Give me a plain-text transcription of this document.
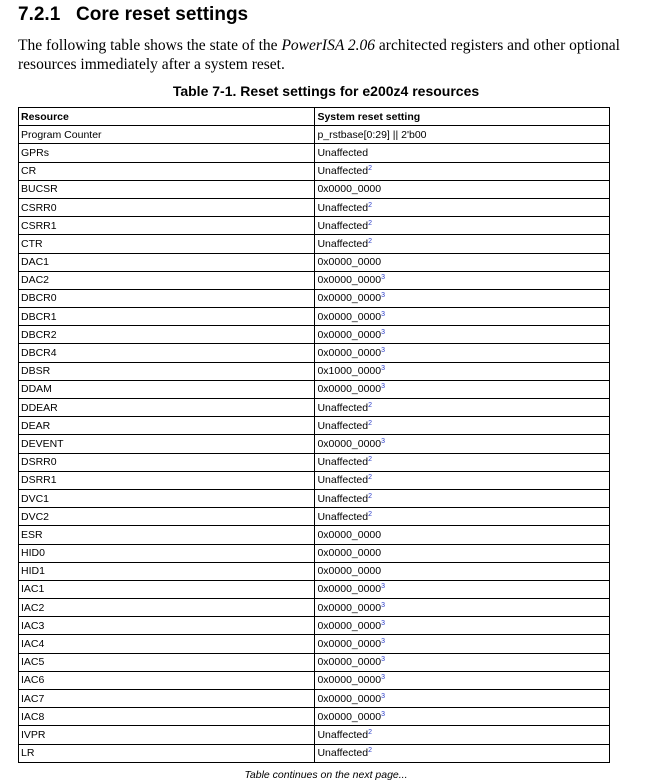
7.2.1 Core reset settings

The following table shows the state of the PowerISA 2.06 architected registers and other optional resources immediately after a system reset.

Table 7-1. Reset settings for e200z4 resources
Resource	System reset setting
Program Counter	p_rstbase[0:29] || 2'b00
GPRs	Unaffected
CR	Unaffected$^2$
BUCSR	0x0000_0000
CSRR0	Unaffected$^2$
CSRR1	Unaffected$^2$
CTR	Unaffected$^2$
DAC1	0x0000_0000
DAC2	0x0000_0000$^3$
DBCR0	0x0000_0000$^3$
DBCR1	0x0000_0000$^3$
DBCR2	0x0000_0000$^3$
DBCR4	0x0000_0000$^3$
DBSR	0x1000_0000$^3$
DDAM	0x0000_0000$^3$
DDEAR	Unaffected$^2$
DEAR	Unaffected$^2$
DEVENT	0x0000_0000$^3$
DSRR0	Unaffected$^2$
DSRR1	Unaffected$^2$
DVC1	Unaffected$^2$
DVC2	Unaffected$^2$
ESR	0x0000_0000
HID0	0x0000_0000
HID1	0x0000_0000
IAC1	0x0000_0000$^3$
IAC2	0x0000_0000$^3$
IAC3	0x0000_0000$^3$
IAC4	0x0000_0000$^3$
IAC5	0x0000_0000$^3$
IAC6	0x0000_0000$^3$
IAC7	0x0000_0000$^3$
IAC8	0x0000_0000$^3$
IVPR	Unaffected$^2$
LR	Unaffected$^2$
Table continues on the next page...
